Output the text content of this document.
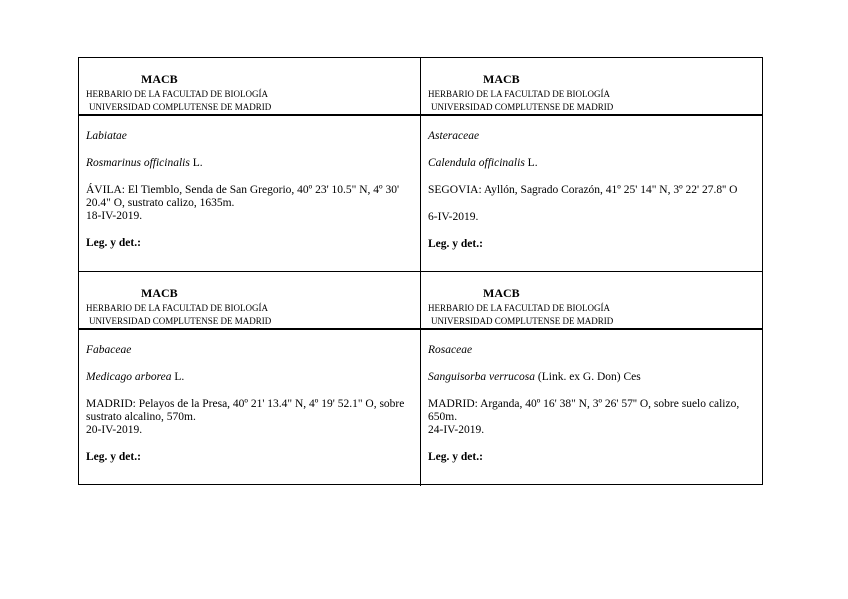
MACB
HERBARIO DE LA FACULTAD DE BIOLOGÍA
UNIVERSIDAD COMPLUTENSE DE MADRID
Labiatae
Rosmarinus officinalis L.
ÁVILA: El Tiemblo, Senda de San Gregorio, 40º 23' 10.5" N, 4º 30' 20.4" O, sustrato calizo, 1635m.
18-IV-2019.
Leg. y det.:
MACB
HERBARIO DE LA FACULTAD DE BIOLOGÍA
UNIVERSIDAD COMPLUTENSE DE MADRID
Asteraceae
Calendula officinalis L.
SEGOVIA: Ayllón, Sagrado Corazón, 41º 25' 14" N, 3º 22' 27.8'' O
6-IV-2019.
Leg. y det.:
MACB
HERBARIO DE LA FACULTAD DE BIOLOGÍA
UNIVERSIDAD COMPLUTENSE DE MADRID
Fabaceae
Medicago arborea L.
MADRID: Pelayos de la Presa, 40º 21' 13.4" N, 4º 19' 52.1" O, sobre sustrato alcalino, 570m.
20-IV-2019.
Leg. y det.:
MACB
HERBARIO DE LA FACULTAD DE BIOLOGÍA
UNIVERSIDAD COMPLUTENSE DE MADRID
Rosaceae
Sanguisorba verrucosa (Link. ex G. Don) Ces
MADRID: Arganda, 40º 16' 38" N, 3º 26' 57'' O, sobre suelo calizo, 650m.
24-IV-2019.
Leg. y det.:
